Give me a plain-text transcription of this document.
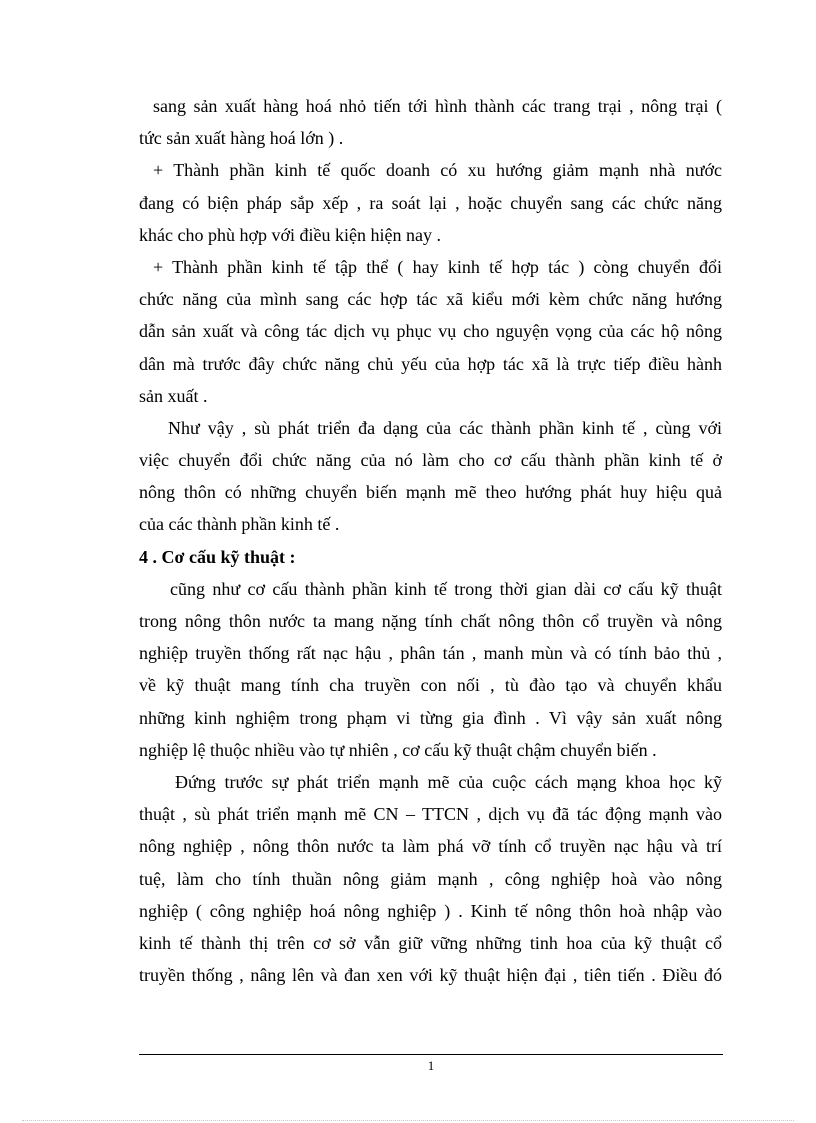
sang sản xuất hàng hoá nhỏ tiến tới hình thành các trang trại , nông trại (
tức sản xuất hàng hoá lớn ) .
+ Thành phần kinh tế quốc doanh có xu hướng giảm mạnh nhà nước
đang có biện pháp sắp xếp , ra soát lại , hoặc chuyển sang các chức năng
khác cho phù hợp với điều kiện hiện nay .
+ Thành phần kinh tế tập thể ( hay kinh tế hợp tác ) còng chuyển đổi
chức năng của mình sang các hợp tác xã kiểu mới kèm chức năng hướng
dẫn sản xuất và công tác dịch vụ phục vụ cho nguyện vọng của các hộ nông
dân mà trước đây chức năng chủ yếu của hợp tác xã là trực tiếp điều hành
sản xuất .
Như vậy , sù phát triển đa dạng của các thành phần kinh tế , cùng với
việc chuyển đổi chức năng của nó làm cho cơ cấu thành phần kinh tế ở
nông thôn có những chuyển biến mạnh mẽ theo hướng phát huy hiệu quả
của các thành phần kinh tế .
4 . Cơ cấu kỹ thuật :
cũng như cơ cấu thành phần kinh tế trong thời gian dài cơ cấu kỹ thuật
trong nông thôn nước ta mang nặng tính chất nông thôn cổ truyền và nông
nghiệp truyền thống rất nạc hậu , phân tán , manh mùn và có tính bảo thủ ,
về kỹ thuật mang tính cha truyền con nối , tù đào tạo và chuyển khẩu
những kinh nghiệm trong phạm vi từng gia đình . Vì vậy sản xuất nông
nghiệp lệ thuộc nhiều vào tự nhiên , cơ cấu kỹ thuật chậm chuyển biến .
Đứng trước sự phát triển mạnh mẽ của cuộc cách mạng khoa học kỹ
thuật , sù phát triển mạnh mẽ CN – TTCN , dịch vụ đã tác động mạnh vào
nông nghiệp , nông thôn nước ta làm phá vỡ tính cổ truyền nạc hậu và trí
tuệ, làm cho tính thuần nông giảm mạnh , công nghiệp hoà vào nông
nghiệp ( công nghiệp hoá nông nghiệp ) . Kinh tế nông thôn hoà nhập vào
kinh tế thành thị trên cơ sở vẫn giữ vững những tinh hoa của kỹ thuật cổ
truyền thống , nâng lên và đan xen với kỹ thuật hiện đại , tiên tiến . Điều đó
1
